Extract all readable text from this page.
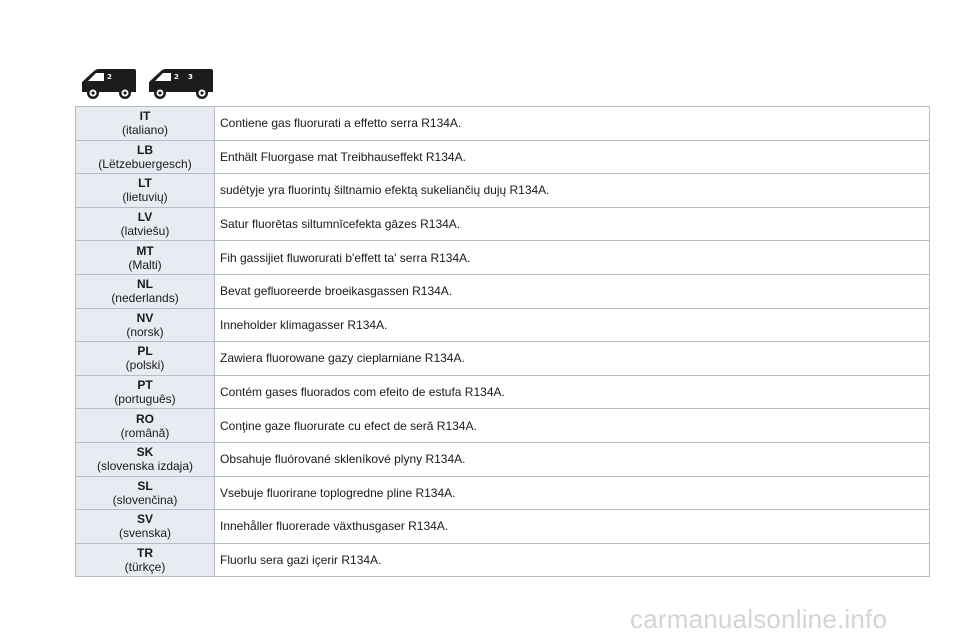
2	2 3
IT
(italiano)	Contiene gas fluorurati a effetto serra R134A.

LB
(Lëtzebuergesch)	Enthält Fluorgase mat Treibhauseffekt R134A.

LT
(lietuvių)	sudėtyje yra fluorintų šiltnamio efektą sukeliančių dujų R134A.

LV
(latviešu)	Satur fluorētas siltumnīcefekta gāzes R134A.

MT
(Malti)	Fih gassijiet fluworurati b'effett ta' serra R134A.

NL
(nederlands)	Bevat gefluoreerde broeikasgassen R134A.

NV
(norsk)	Inneholder klimagasser R134A.

PL
(polski)	Zawiera fluorowane gazy cieplarniane R134A.

PT
(português)	Contém gases fluorados com efeito de estufa R134A.

RO
(română)	Conţine gaze fluorurate cu efect de seră R134A.

SK
(slovenska izdaja)	Obsahuje fluórované skleníkové plyny R134A.

SL
(slovenčina)	Vsebuje fluorirane toplogredne pline R134A.

SV
(svenska)	Innehåller fluorerade växthusgaser R134A.

TR
(türkçe)	Fluorlu sera gazi içerir R134A.
carmanualsonline.info
